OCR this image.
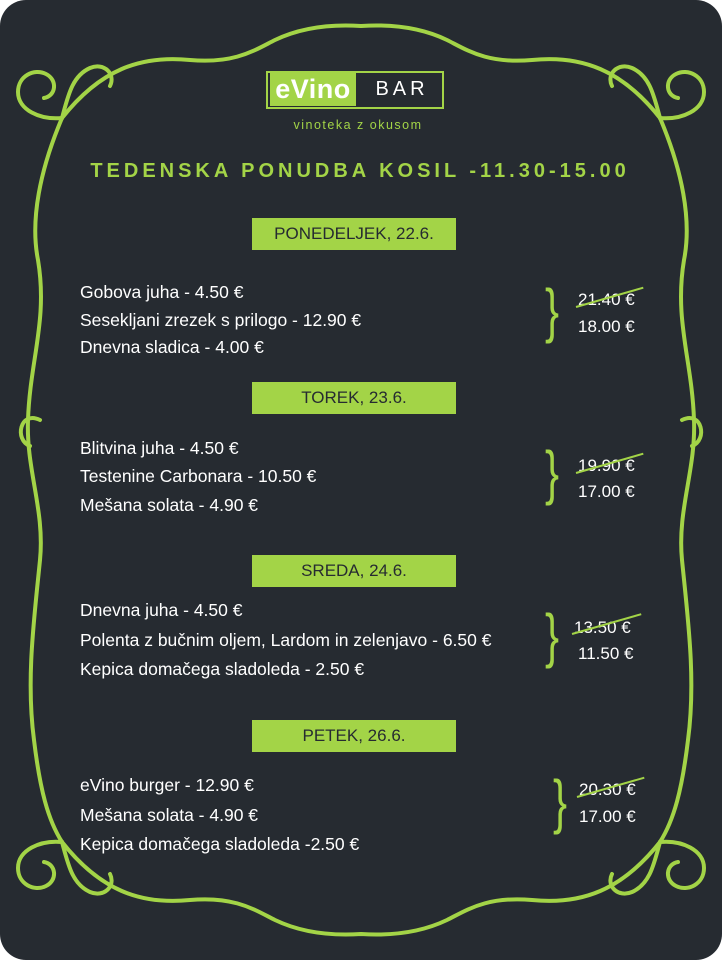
eVino	BAR
vinoteka z okusom
TEDENSKA PONUDBA KOSIL -11.30-15.00
PONEDELJEK, 22.6.
Gobova juha - 4.50 €
Sesekljani zrezek s prilogo - 12.90 €
Dnevna sladica - 4.00 €
} 21.40 €
18.00 €
TOREK, 23.6.
Blitvina juha - 4.50 €
Testenine Carbonara - 10.50 €
Mešana solata - 4.90 €	} 19.90 €
17.00 €
SREDA, 24.6.
Dnevna juha - 4.50 €
Polenta z bučnim oljem, Lardom in zelenjavo - 6.50 €
Kepica domačega sladoleda - 2.50 €	} 13.50 €
11.50 €
PETEK, 26.6.
eVino burger - 12.90 €
Mešana solata - 4.90 €
Kepica domačega sladoleda -2.50 €
} 20.30 €
17.00 €
